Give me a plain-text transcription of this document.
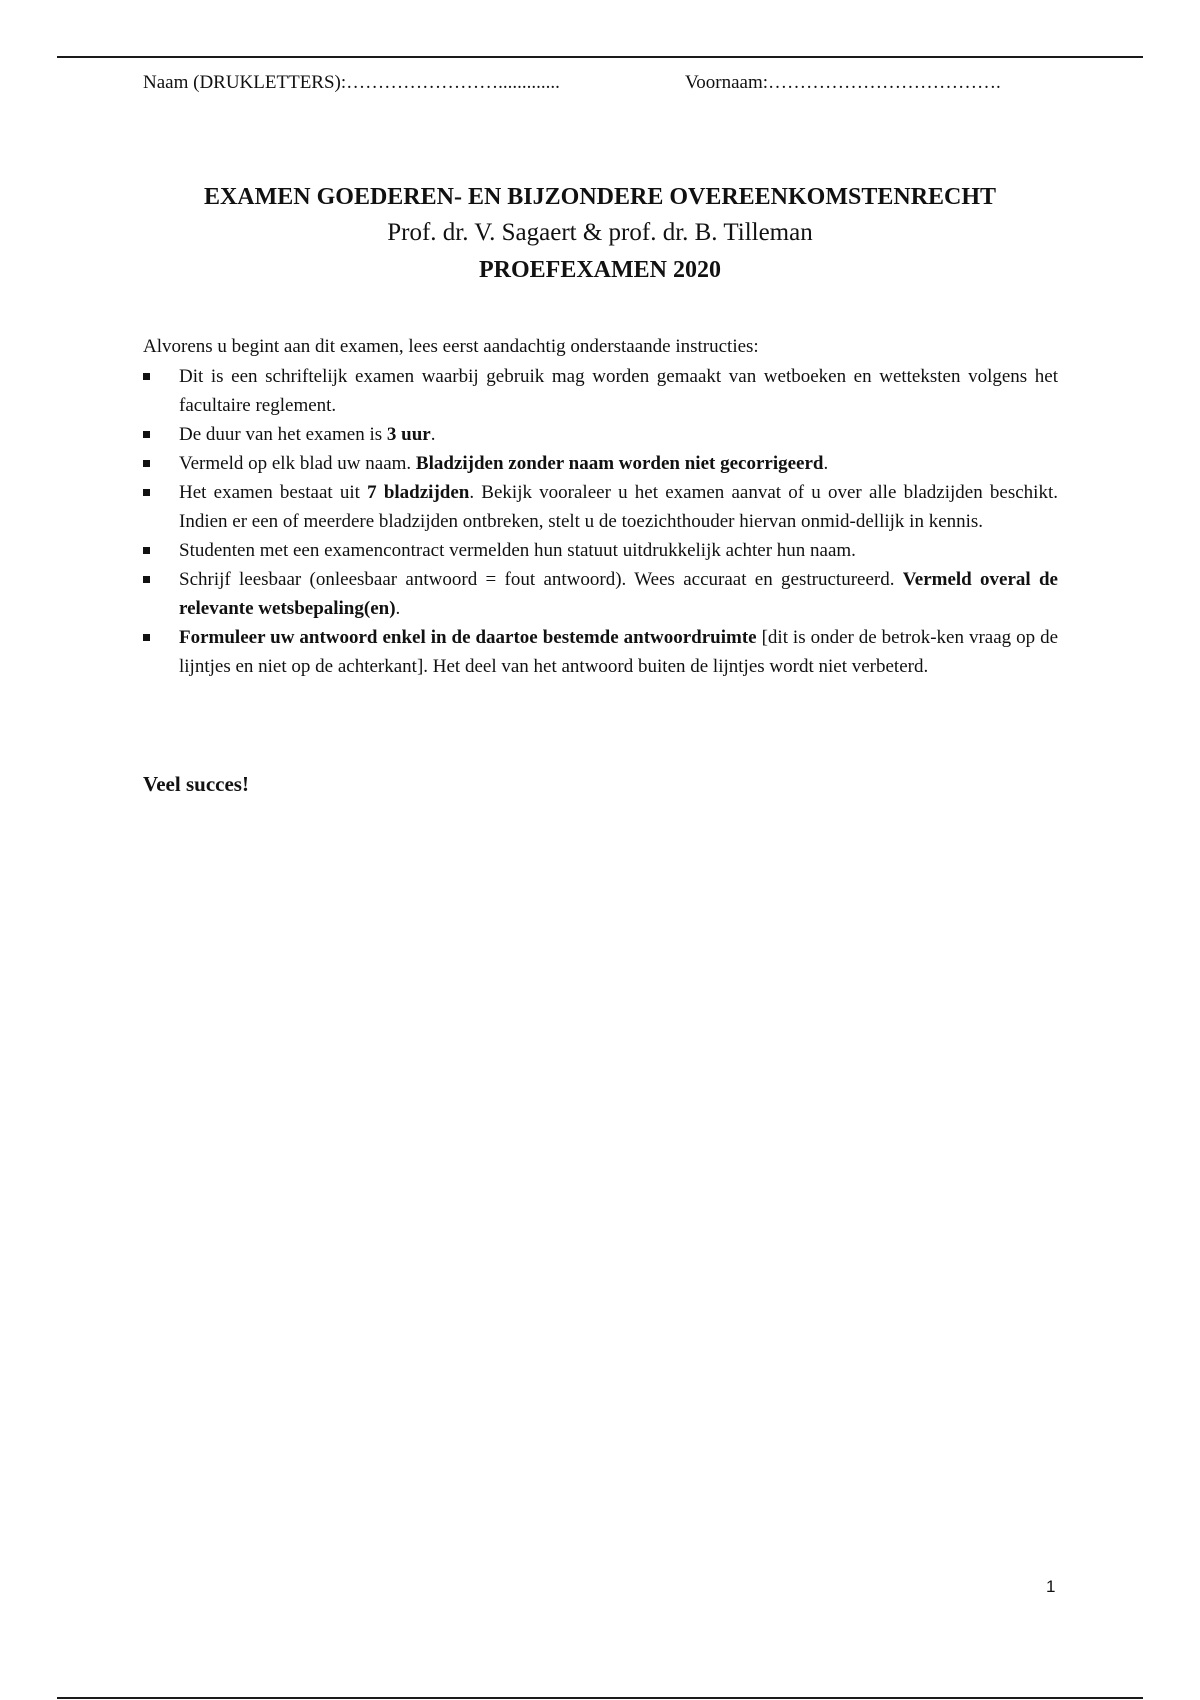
Naam (DRUKLETTERS):…………………….............	Voornaam:……………………………….
EXAMEN GOEDEREN- EN BIJZONDERE OVEREENKOMSTENRECHT
Prof. dr. V. Sagaert & prof. dr. B. Tilleman
PROEFEXAMEN 2020
Alvorens u begint aan dit examen, lees eerst aandachtig onderstaande instructies:
Dit is een schriftelijk examen waarbij gebruik mag worden gemaakt van wetboeken en wetteksten volgens het facultaire reglement.
De duur van het examen is 3 uur.
Vermeld op elk blad uw naam. Bladzijden zonder naam worden niet gecorrigeerd.
Het examen bestaat uit 7 bladzijden. Bekijk vooraleer u het examen aanvat of u over alle bladzijden beschikt. Indien er een of meerdere bladzijden ontbreken, stelt u de toezichthouder hiervan onmid-dellijk in kennis.
Studenten met een examencontract vermelden hun statuut uitdrukkelijk achter hun naam.
Schrijf leesbaar (onleesbaar antwoord = fout antwoord). Wees accuraat en gestructureerd. Vermeld overal de relevante wetsbepaling(en).
Formuleer uw antwoord enkel in de daartoe bestemde antwoordruimte [dit is onder de betrok-ken vraag op de lijntjes en niet op de achterkant]. Het deel van het antwoord buiten de lijntjes wordt niet verbeterd.
Veel succes!
1
